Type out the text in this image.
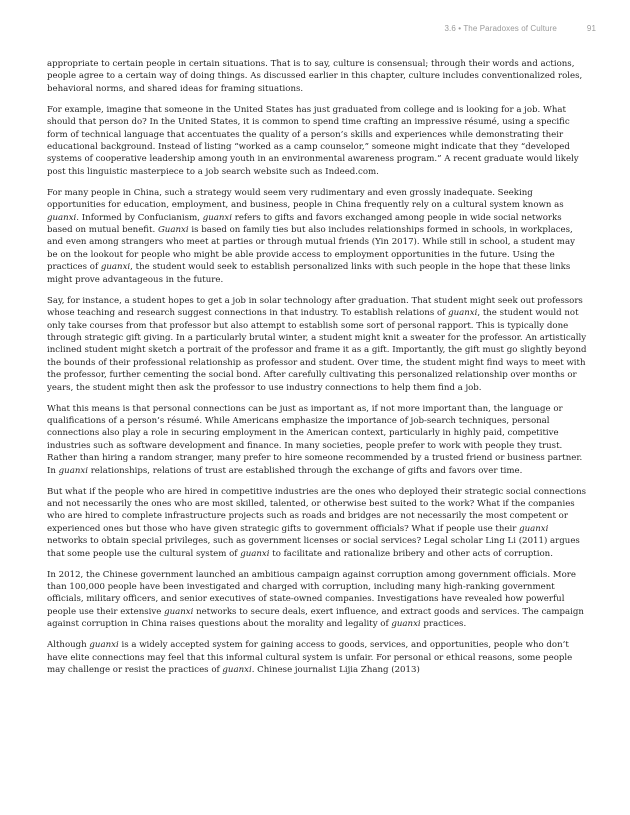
3.6 • The Paradoxes of Culture	91

appropriate to certain people in certain situations. That is to say, culture is consensual; through their words and actions, people agree to a certain way of doing things. As discussed earlier in this chapter, culture includes conventionalized roles, behavioral norms, and shared ideas for framing situations.

For example, imagine that someone in the United States has just graduated from college and is looking for a job. What should that person do? In the United States, it is common to spend time crafting an impressive résumé, using a specific form of technical language that accentuates the quality of a person’s skills and experiences while demonstrating their educational background. Instead of listing “worked as a camp counselor,” someone might indicate that they “developed systems of cooperative leadership among youth in an environmental awareness program.” A recent graduate would likely post this linguistic masterpiece to a job search website such as Indeed.com.

For many people in China, such a strategy would seem very rudimentary and even grossly inadequate. Seeking opportunities for education, employment, and business, people in China frequently rely on a cultural system known as guanxi. Informed by Confucianism, guanxi refers to gifts and favors exchanged among people in wide social networks based on mutual benefit. Guanxi is based on family ties but also includes relationships formed in schools, in workplaces, and even among strangers who meet at parties or through mutual friends (Yin 2017). While still in school, a student may be on the lookout for people who might be able provide access to employment opportunities in the future. Using the practices of guanxi, the student would seek to establish personalized links with such people in the hope that these links might prove advantageous in the future.

Say, for instance, a student hopes to get a job in solar technology after graduation. That student might seek out professors whose teaching and research suggest connections in that industry. To establish relations of guanxi, the student would not only take courses from that professor but also attempt to establish some sort of personal rapport. This is typically done through strategic gift giving. In a particularly brutal winter, a student might knit a sweater for the professor. An artistically inclined student might sketch a portrait of the professor and frame it as a gift. Importantly, the gift must go slightly beyond the bounds of their professional relationship as professor and student. Over time, the student might find ways to meet with the professor, further cementing the social bond. After carefully cultivating this personalized relationship over months or years, the student might then ask the professor to use industry connections to help them find a job.

What this means is that personal connections can be just as important as, if not more important than, the language or qualifications of a person’s résumé. While Americans emphasize the importance of job-search techniques, personal connections also play a role in securing employment in the American context, particularly in highly paid, competitive industries such as software development and finance. In many societies, people prefer to work with people they trust. Rather than hiring a random stranger, many prefer to hire someone recommended by a trusted friend or business partner. In guanxi relationships, relations of trust are established through the exchange of gifts and favors over time.

But what if the people who are hired in competitive industries are the ones who deployed their strategic social connections and not necessarily the ones who are most skilled, talented, or otherwise best suited to the work? What if the companies who are hired to complete infrastructure projects such as roads and bridges are not necessarily the most competent or experienced ones but those who have given strategic gifts to government officials? What if people use their guanxi networks to obtain special privileges, such as government licenses or social services? Legal scholar Ling Li (2011) argues that some people use the cultural system of guanxi to facilitate and rationalize bribery and other acts of corruption.

In 2012, the Chinese government launched an ambitious campaign against corruption among government officials. More than 100,000 people have been investigated and charged with corruption, including many high-ranking government officials, military officers, and senior executives of state-owned companies. Investigations have revealed how powerful people use their extensive guanxi networks to secure deals, exert influence, and extract goods and services. The campaign against corruption in China raises questions about the morality and legality of guanxi practices.

Although guanxi is a widely accepted system for gaining access to goods, services, and opportunities, people who don’t have elite connections may feel that this informal cultural system is unfair. For personal or ethical reasons, some people may challenge or resist the practices of guanxi. Chinese journalist Lijia Zhang (2013)
